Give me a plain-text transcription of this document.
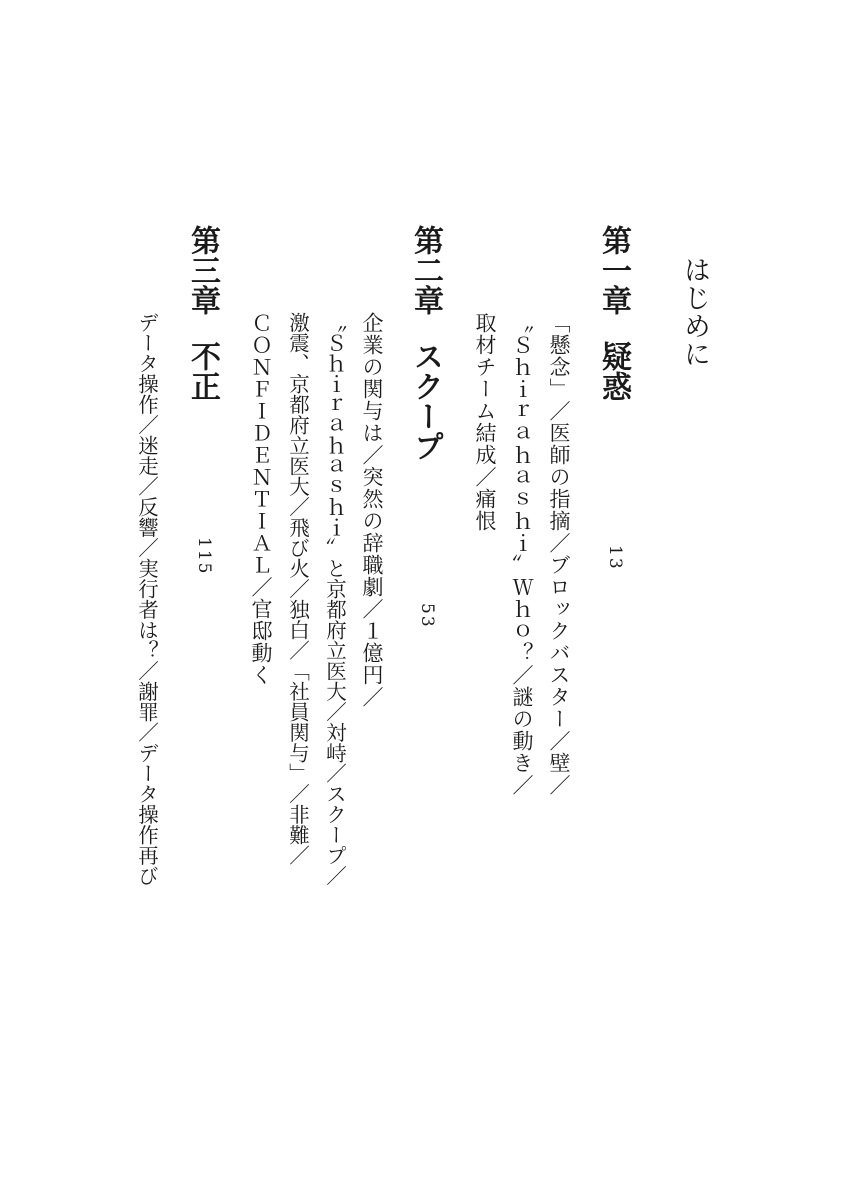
はじめに
第一章疑惑
13
「懸念」／医師の指摘／ブロックバスター／壁／
〝Ｓｈｉｒａｈａｓｈｉ〟Ｗｈｏ？／謎の動き／
取材チーム結成／痛恨
第二章スクープ
53
企業の関与は／突然の辞職劇／１億円／
〝Ｓｈｉｒａｈａｓｈｉ〟と京都府立医大／対峙／スクープ／
激震、京都府立医大／飛び火／独白／「社員関与」／非難／
ＣＯＮＦＩＤＥＮＴＩＡＬ／官邸動く
第三章不正
115
データ操作／迷走／反響／実行者は？／謝罪／データ操作再び
